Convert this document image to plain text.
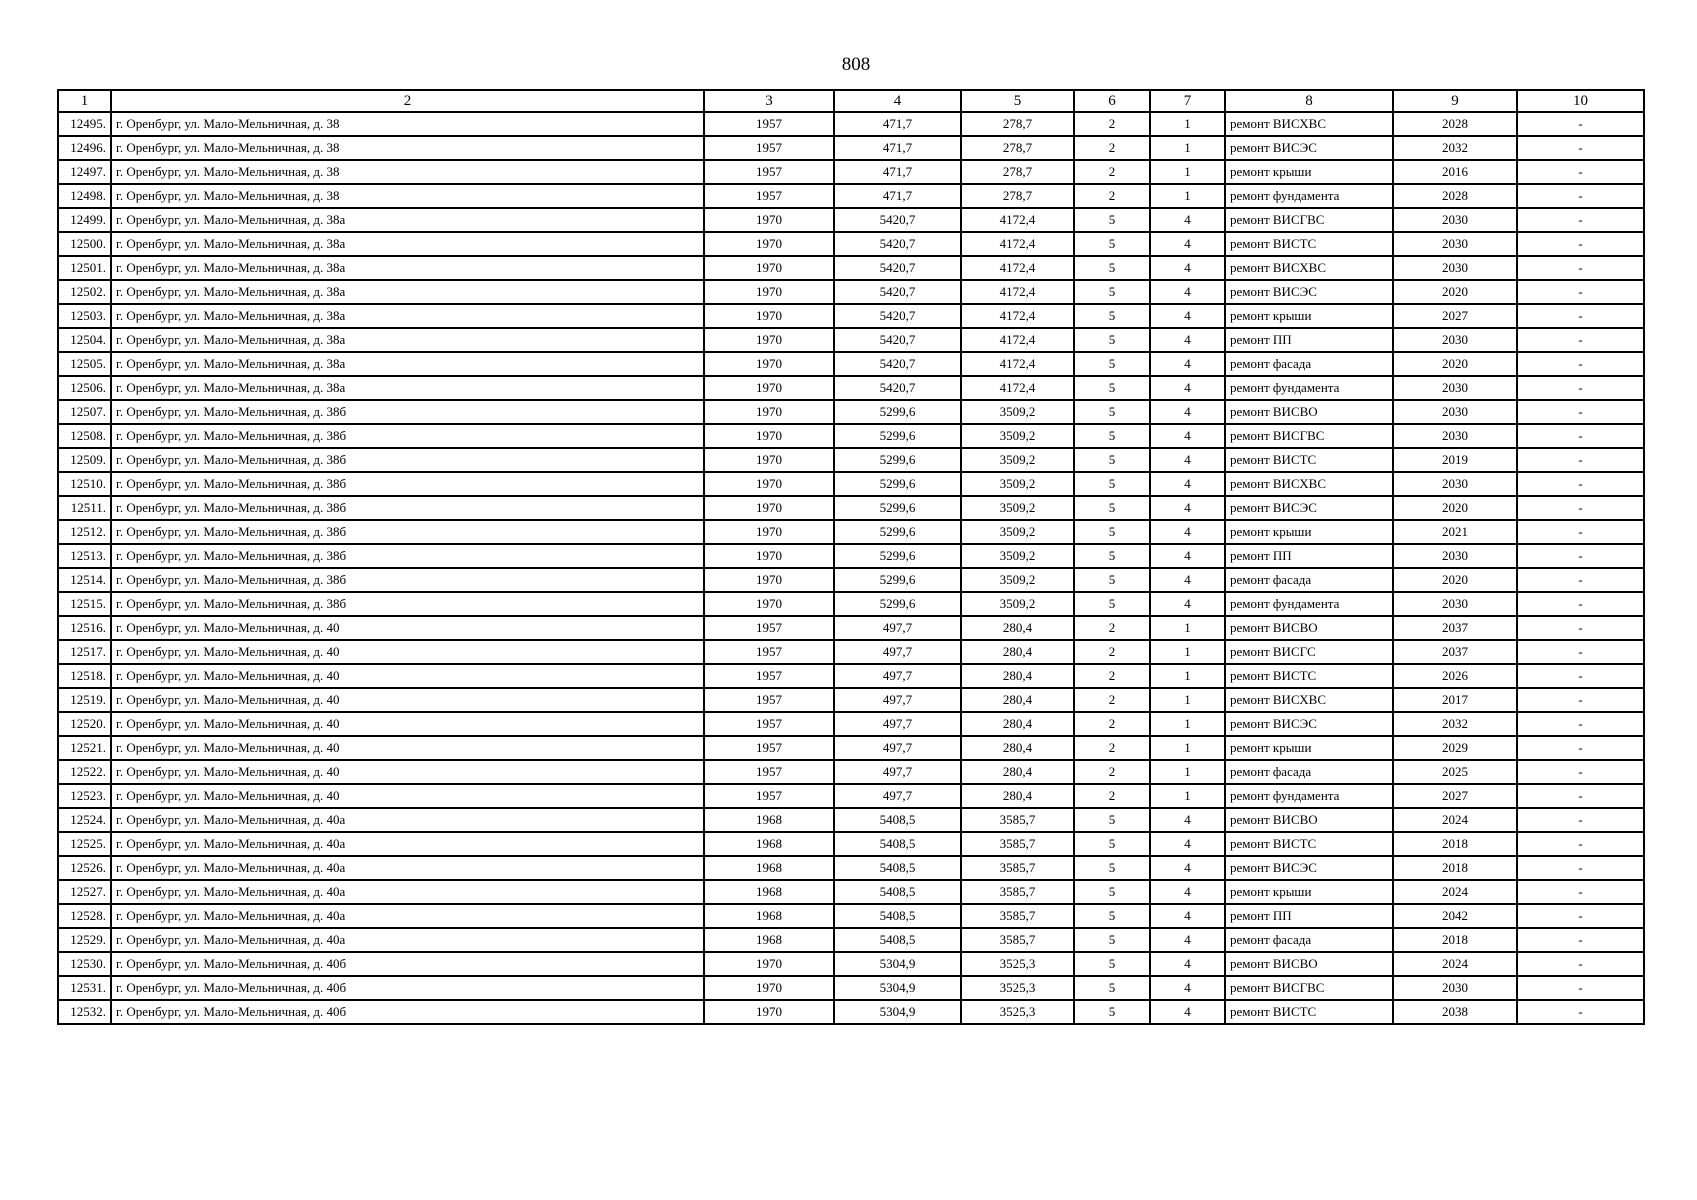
808
1	2	3	4	5	6	7	8	9	10
12495.	г. Оренбург, ул. Мало-Мельничная, д. 38	1957	471,7	278,7	2	1	ремонт ВИСХВС	2028	-
12496.	г. Оренбург, ул. Мало-Мельничная, д. 38	1957	471,7	278,7	2	1	ремонт ВИСЭС	2032	-
12497.	г. Оренбург, ул. Мало-Мельничная, д. 38	1957	471,7	278,7	2	1	ремонт крыши	2016	-
12498.	г. Оренбург, ул. Мало-Мельничная, д. 38	1957	471,7	278,7	2	1	ремонт фундамента	2028	-
12499.	г. Оренбург, ул. Мало-Мельничная, д. 38а	1970	5420,7	4172,4	5	4	ремонт ВИСГВС	2030	-
12500.	г. Оренбург, ул. Мало-Мельничная, д. 38а	1970	5420,7	4172,4	5	4	ремонт ВИСТС	2030	-
12501.	г. Оренбург, ул. Мало-Мельничная, д. 38а	1970	5420,7	4172,4	5	4	ремонт ВИСХВС	2030	-
12502.	г. Оренбург, ул. Мало-Мельничная, д. 38а	1970	5420,7	4172,4	5	4	ремонт ВИСЭС	2020	-
12503.	г. Оренбург, ул. Мало-Мельничная, д. 38а	1970	5420,7	4172,4	5	4	ремонт крыши	2027	-
12504.	г. Оренбург, ул. Мало-Мельничная, д. 38а	1970	5420,7	4172,4	5	4	ремонт ПП	2030	-
12505.	г. Оренбург, ул. Мало-Мельничная, д. 38а	1970	5420,7	4172,4	5	4	ремонт фасада	2020	-
12506.	г. Оренбург, ул. Мало-Мельничная, д. 38а	1970	5420,7	4172,4	5	4	ремонт фундамента	2030	-
12507.	г. Оренбург, ул. Мало-Мельничная, д. 38б	1970	5299,6	3509,2	5	4	ремонт ВИСВО	2030	-
12508.	г. Оренбург, ул. Мало-Мельничная, д. 38б	1970	5299,6	3509,2	5	4	ремонт ВИСГВС	2030	-
12509.	г. Оренбург, ул. Мало-Мельничная, д. 38б	1970	5299,6	3509,2	5	4	ремонт ВИСТС	2019	-
12510.	г. Оренбург, ул. Мало-Мельничная, д. 38б	1970	5299,6	3509,2	5	4	ремонт ВИСХВС	2030	-
12511.	г. Оренбург, ул. Мало-Мельничная, д. 38б	1970	5299,6	3509,2	5	4	ремонт ВИСЭС	2020	-
12512.	г. Оренбург, ул. Мало-Мельничная, д. 38б	1970	5299,6	3509,2	5	4	ремонт крыши	2021	-
12513.	г. Оренбург, ул. Мало-Мельничная, д. 38б	1970	5299,6	3509,2	5	4	ремонт ПП	2030	-
12514.	г. Оренбург, ул. Мало-Мельничная, д. 38б	1970	5299,6	3509,2	5	4	ремонт фасада	2020	-
12515.	г. Оренбург, ул. Мало-Мельничная, д. 38б	1970	5299,6	3509,2	5	4	ремонт фундамента	2030	-
12516.	г. Оренбург, ул. Мало-Мельничная, д. 40	1957	497,7	280,4	2	1	ремонт ВИСВО	2037	-
12517.	г. Оренбург, ул. Мало-Мельничная, д. 40	1957	497,7	280,4	2	1	ремонт ВИСГС	2037	-
12518.	г. Оренбург, ул. Мало-Мельничная, д. 40	1957	497,7	280,4	2	1	ремонт ВИСТС	2026	-
12519.	г. Оренбург, ул. Мало-Мельничная, д. 40	1957	497,7	280,4	2	1	ремонт ВИСХВС	2017	-
12520.	г. Оренбург, ул. Мало-Мельничная, д. 40	1957	497,7	280,4	2	1	ремонт ВИСЭС	2032	-
12521.	г. Оренбург, ул. Мало-Мельничная, д. 40	1957	497,7	280,4	2	1	ремонт крыши	2029	-
12522.	г. Оренбург, ул. Мало-Мельничная, д. 40	1957	497,7	280,4	2	1	ремонт фасада	2025	-
12523.	г. Оренбург, ул. Мало-Мельничная, д. 40	1957	497,7	280,4	2	1	ремонт фундамента	2027	-
12524.	г. Оренбург, ул. Мало-Мельничная, д. 40а	1968	5408,5	3585,7	5	4	ремонт ВИСВО	2024	-
12525.	г. Оренбург, ул. Мало-Мельничная, д. 40а	1968	5408,5	3585,7	5	4	ремонт ВИСТС	2018	-
12526.	г. Оренбург, ул. Мало-Мельничная, д. 40а	1968	5408,5	3585,7	5	4	ремонт ВИСЭС	2018	-
12527.	г. Оренбург, ул. Мало-Мельничная, д. 40а	1968	5408,5	3585,7	5	4	ремонт крыши	2024	-
12528.	г. Оренбург, ул. Мало-Мельничная, д. 40а	1968	5408,5	3585,7	5	4	ремонт ПП	2042	-
12529.	г. Оренбург, ул. Мало-Мельничная, д. 40а	1968	5408,5	3585,7	5	4	ремонт фасада	2018	-
12530.	г. Оренбург, ул. Мало-Мельничная, д. 40б	1970	5304,9	3525,3	5	4	ремонт ВИСВО	2024	-
12531.	г. Оренбург, ул. Мало-Мельничная, д. 40б	1970	5304,9	3525,3	5	4	ремонт ВИСГВС	2030	-
12532.	г. Оренбург, ул. Мало-Мельничная, д. 40б	1970	5304,9	3525,3	5	4	ремонт ВИСТС	2038	-
